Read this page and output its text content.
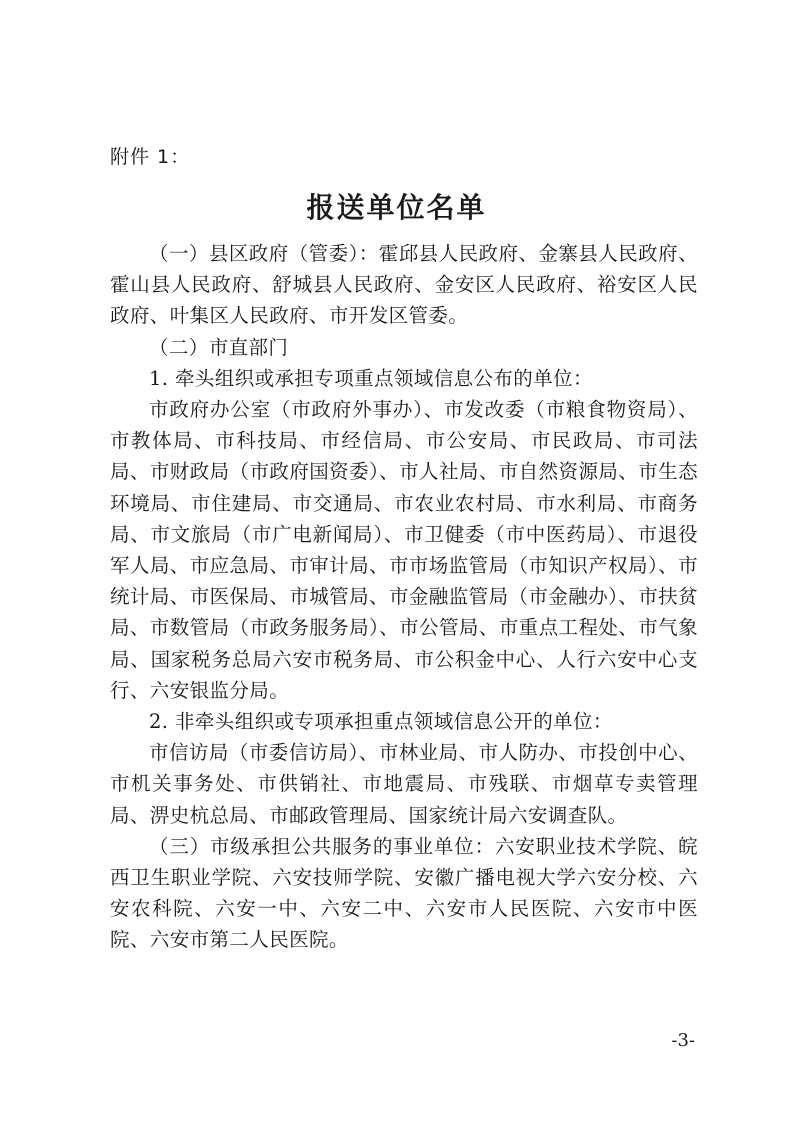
附件 1：
报送单位名单

（一）县区政府（管委）：霍邱县人民政府、金寨县人民政府、霍山县人民政府、舒城县人民政府、金安区人民政府、裕安区人民政府、叶集区人民政府、市开发区管委。

（二）市直部门

1. 牵头组织或承担专项重点领域信息公布的单位：

市政府办公室（市政府外事办）、市发改委（市粮食物资局）、市教体局、市科技局、市经信局、市公安局、市民政局、市司法局、市财政局（市政府国资委）、市人社局、市自然资源局、市生态环境局、市住建局、市交通局、市农业农村局、市水利局、市商务局、市文旅局（市广电新闻局）、市卫健委（市中医药局）、市退役军人局、市应急局、市审计局、市市场监管局（市知识产权局）、市统计局、市医保局、市城管局、市金融监管局（市金融办）、市扶贫局、市数管局（市政务服务局）、市公管局、市重点工程处、市气象局、国家税务总局六安市税务局、市公积金中心、人行六安中心支行、六安银监分局。

2. 非牵头组织或专项承担重点领域信息公开的单位：

市信访局（市委信访局）、市林业局、市人防办、市投创中心、市机关事务处、市供销社、市地震局、市残联、市烟草专卖管理局、淠史杭总局、市邮政管理局、国家统计局六安调查队。

（三）市级承担公共服务的事业单位：六安职业技术学院、皖西卫生职业学院、六安技师学院、安徽广播电视大学六安分校、六安农科院、六安一中、六安二中、六安市人民医院、六安市中医院、六安市第二人民医院。

-3-
